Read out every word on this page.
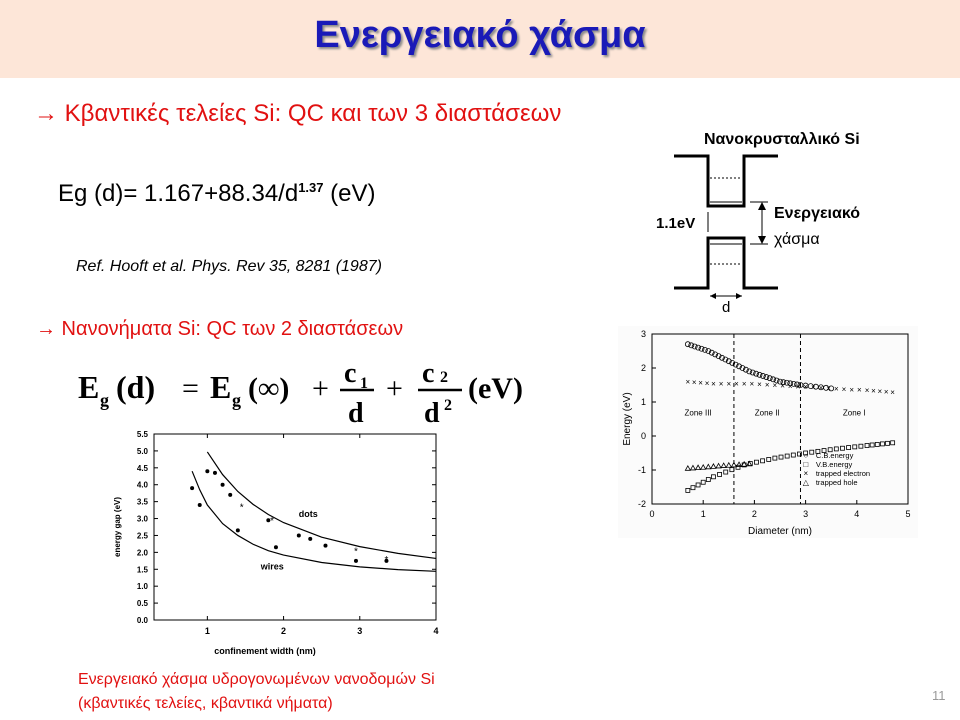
Ενεργειακό χάσμα
→ Κβαντικές τελείες Si: QC και των 3 διαστάσεων
Eg $(d)= 1.167+88.34/d^{1.37}$ (eV)
Ref. Hooft et al. Phys. Rev 35, 8281 (1987)
→ Νανονήματα Si: QC των 2 διαστάσεων
E g (d) = E g (∞) + c 1
d
+ c 2
d 2
(eV)
Νανοκρυσταλλικό Si
1.1eV
Ενεργειακό
χάσμα
d
0.0
0.5
1.0
1.5
2.0
2.5
3.0
3.5
4.0
4.5
5.0
5.5
1	2	3	4
confinement width (nm)
energy gap (eV)	*
*
*
*
dots
wires
-2
-1
0
1
2
3
0	1	2	3	4	5
Diameter (nm)
Energy (eV)	Zone III	Zone II	Zone I
× × × × × × × × × × × × × × × × × × × × × × × × × × × × ×
○ C.B.energy
□ V.B.energy
× trapped electron
△ trapped hole
Ενεργειακό χάσμα υδρογονωμένων νανοδομών Si
(κβαντικές τελείες, κβαντικά νήματα)	11
